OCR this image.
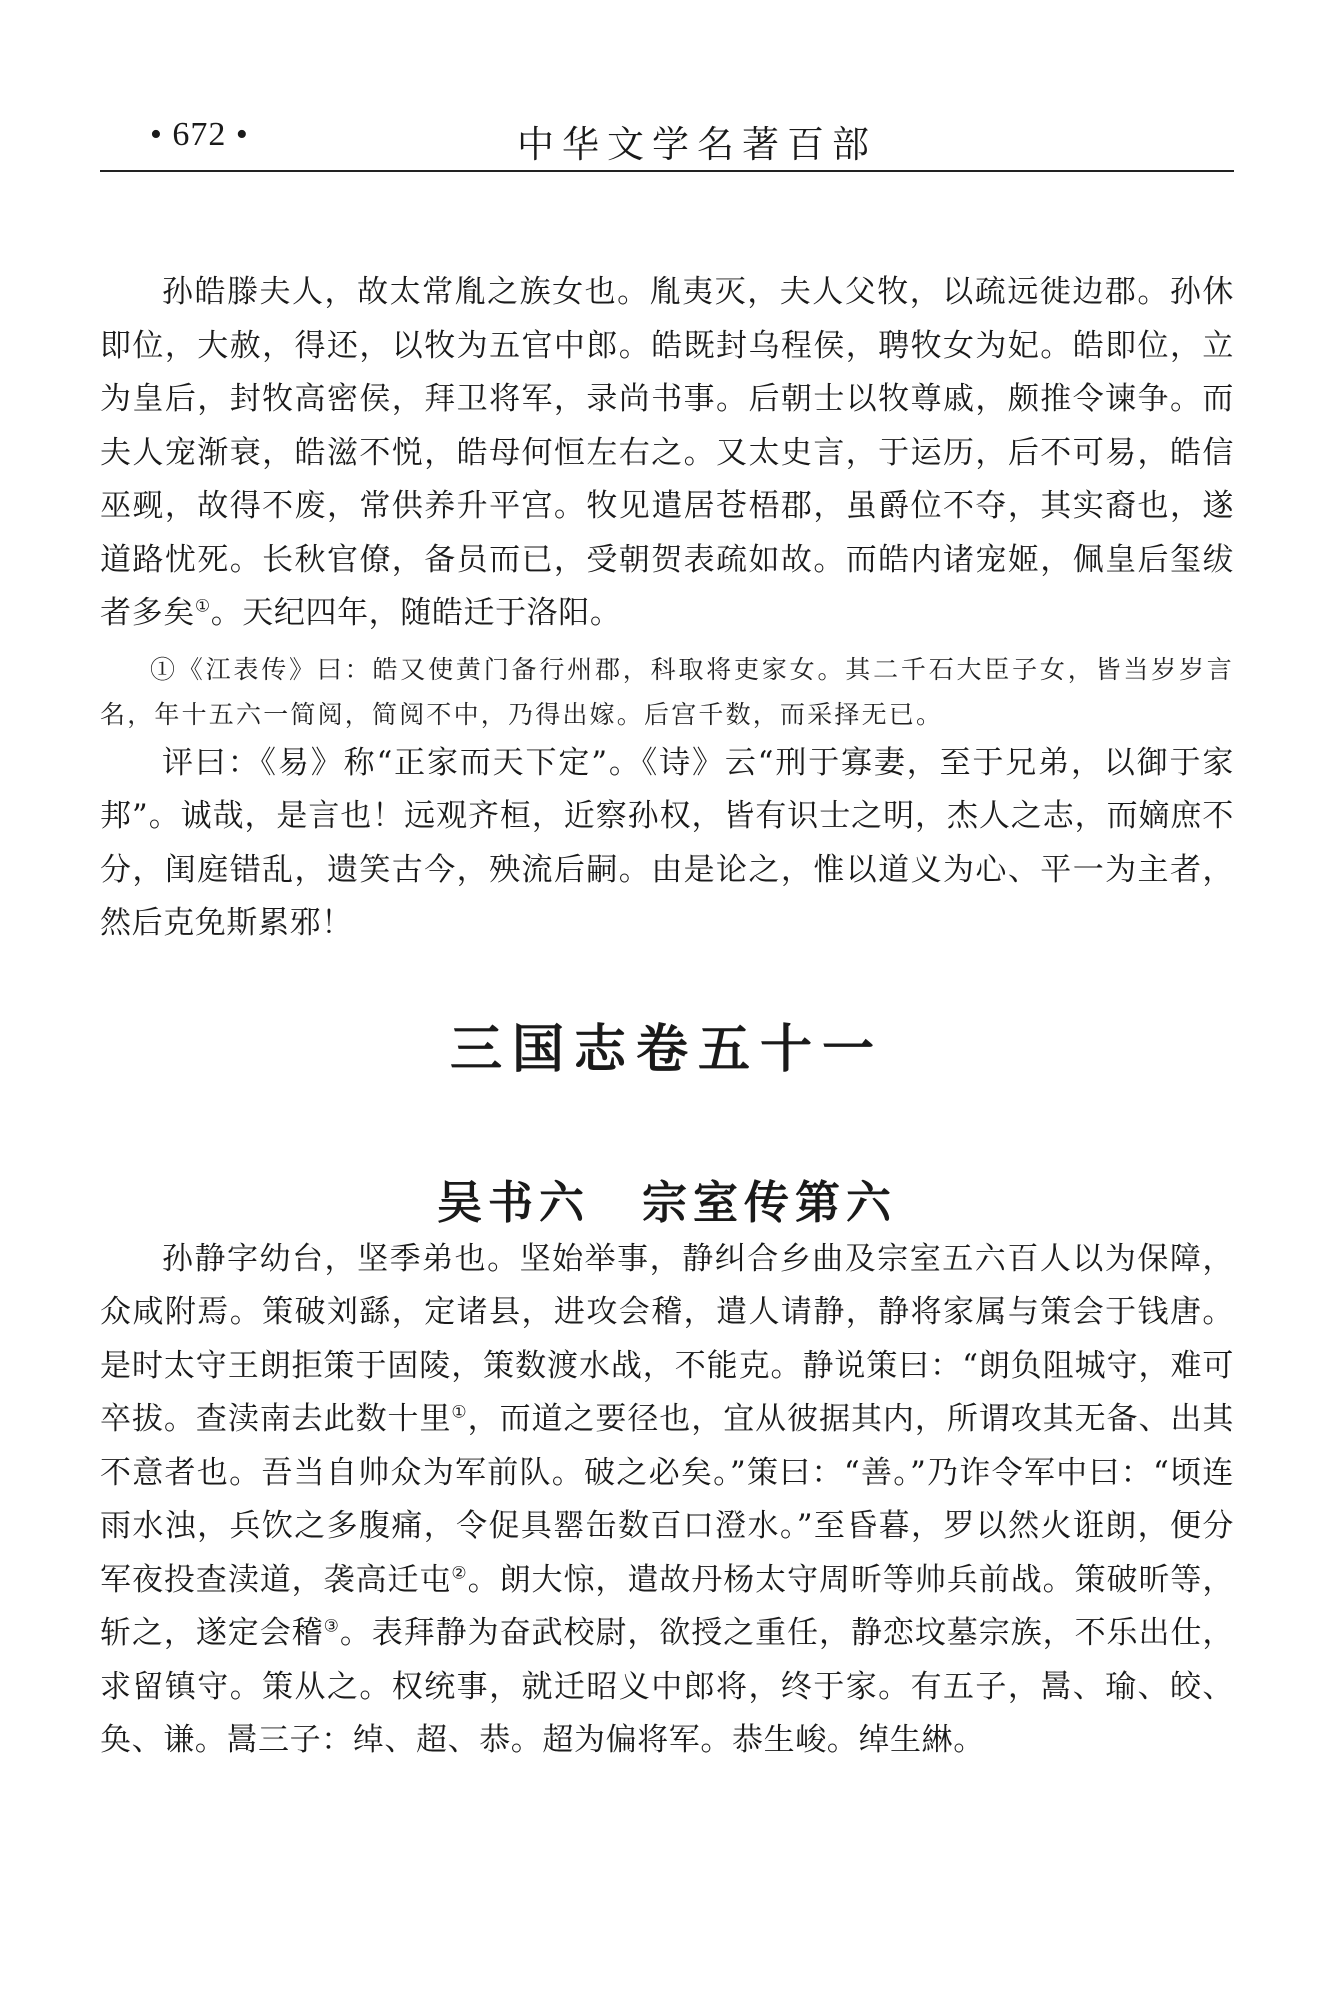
• 672 •	中华文学名著百部

孙皓滕夫人，故太常胤之族女也。胤夷灭，夫人父牧，以疏远徙边郡。孙休即位，大赦，得还，以牧为五官中郎。皓既封乌程侯，聘牧女为妃。皓即位，立为皇后，封牧高密侯，拜卫将军，录尚书事。后朝士以牧尊戚，颇推令谏争。而夫人宠渐衰，皓滋不悦，皓母何恒左右之。又太史言，于运历，后不可易，皓信巫觋，故得不废，常供养升平宫。牧见遣居苍梧郡，虽爵位不夺，其实裔也，遂道路忧死。长秋官僚，备员而已，受朝贺表疏如故。而皓内诸宠姬，佩皇后玺绂者多矣①。天纪四年，随皓迁于洛阳。

①《江表传》曰：皓又使黄门备行州郡，科取将吏家女。其二千石大臣子女，皆当岁岁言名，年十五六一简阅，简阅不中，乃得出嫁。后宫千数，而采择无已。

评曰：《易》称“正家而天下定”。《诗》云“刑于寡妻，至于兄弟，以御于家邦”。诚哉，是言也！远观齐桓，近察孙权，皆有识士之明，杰人之志，而嫡庶不分，闺庭错乱，遗笑古今，殃流后嗣。由是论之，惟以道义为心、平一为主者，然后克免斯累邪！

三国志卷五十一
吴书六 宗室传第六

孙静字幼台，坚季弟也。坚始举事，静纠合乡曲及宗室五六百人以为保障，众咸附焉。策破刘繇，定诸县，进攻会稽，遣人请静，静将家属与策会于钱唐。是时太守王朗拒策于固陵，策数渡水战，不能克。静说策曰：“朗负阻城守，难可卒拔。查渎南去此数十里①，而道之要径也，宜从彼据其内，所谓攻其无备、出其不意者也。吾当自帅众为军前队。破之必矣。”策曰：“善。”乃诈令军中曰：“顷连雨水浊，兵饮之多腹痛，令促具罂缶数百口澄水。”至昏暮，罗以然火诳朗，便分军夜投查渎道，袭高迁屯②。朗大惊，遣故丹杨太守周昕等帅兵前战。策破昕等，斩之，遂定会稽③。表拜静为奋武校尉，欲授之重任，静恋坟墓宗族，不乐出仕，求留镇守。策从之。权统事，就迁昭义中郎将，终于家。有五子，暠、瑜、皎、奂、谦。暠三子：绰、超、恭。超为偏将军。恭生峻。绰生綝。
